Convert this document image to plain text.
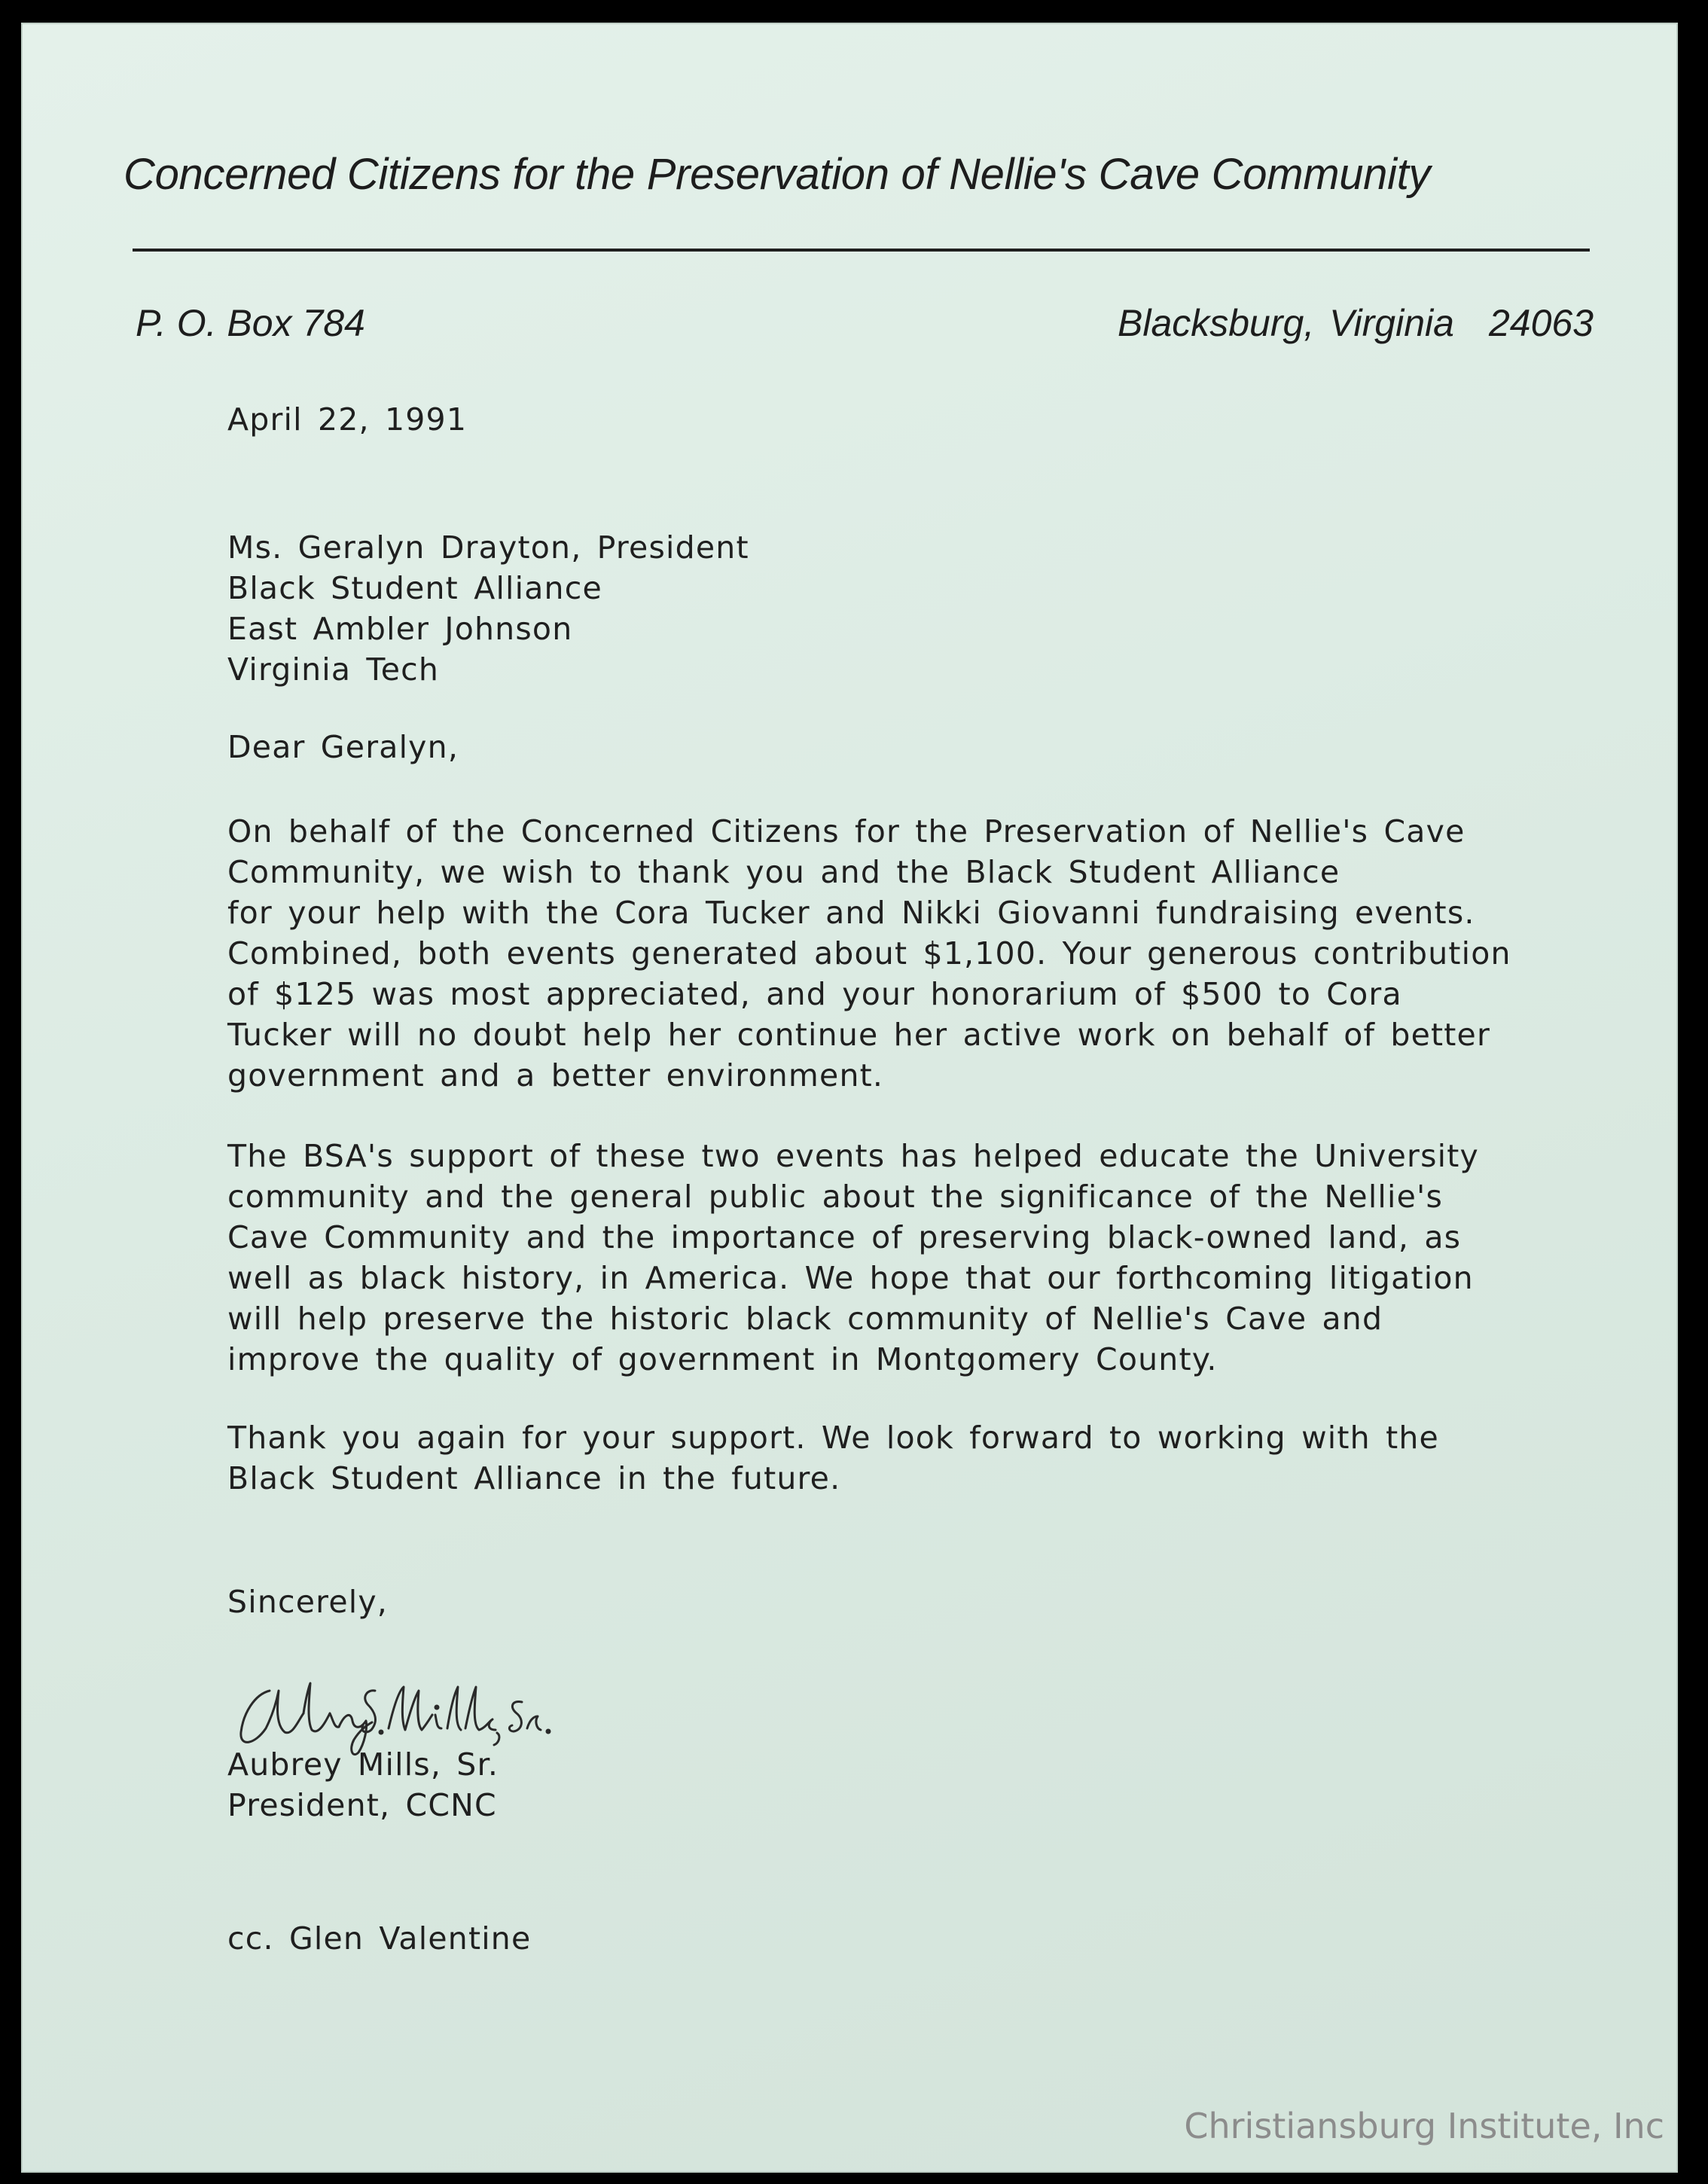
Concerned Citizens for the Preservation of Nellie's Cave Community
P. O. Box 784	Blacksburg, Virginia 24063
April 22, 1991
Ms. Geralyn Drayton, President
Black Student Alliance
East Ambler Johnson
Virginia Tech
Dear Geralyn,
On behalf of the Concerned Citizens for the Preservation of Nellie's Cave
Community, we wish to thank you and the Black Student Alliance
for your help with the Cora Tucker and Nikki Giovanni fundraising events.
Combined, both events generated about $1,100. Your generous contribution
of $125 was most appreciated, and your honorarium of $500 to Cora
Tucker will no doubt help her continue her active work on behalf of better
government and a better environment.
The BSA's support of these two events has helped educate the University
community and the general public about the significance of the Nellie's
Cave Community and the importance of preserving black-owned land, as
well as black history, in America. We hope that our forthcoming litigation
will help preserve the historic black community of Nellie's Cave and
improve the quality of government in Montgomery County.
Thank you again for your support. We look forward to working with the
Black Student Alliance in the future.
Sincerely,
Aubrey Mills, Sr.
President, CCNC
cc. Glen Valentine
Christiansburg Institute, Inc
